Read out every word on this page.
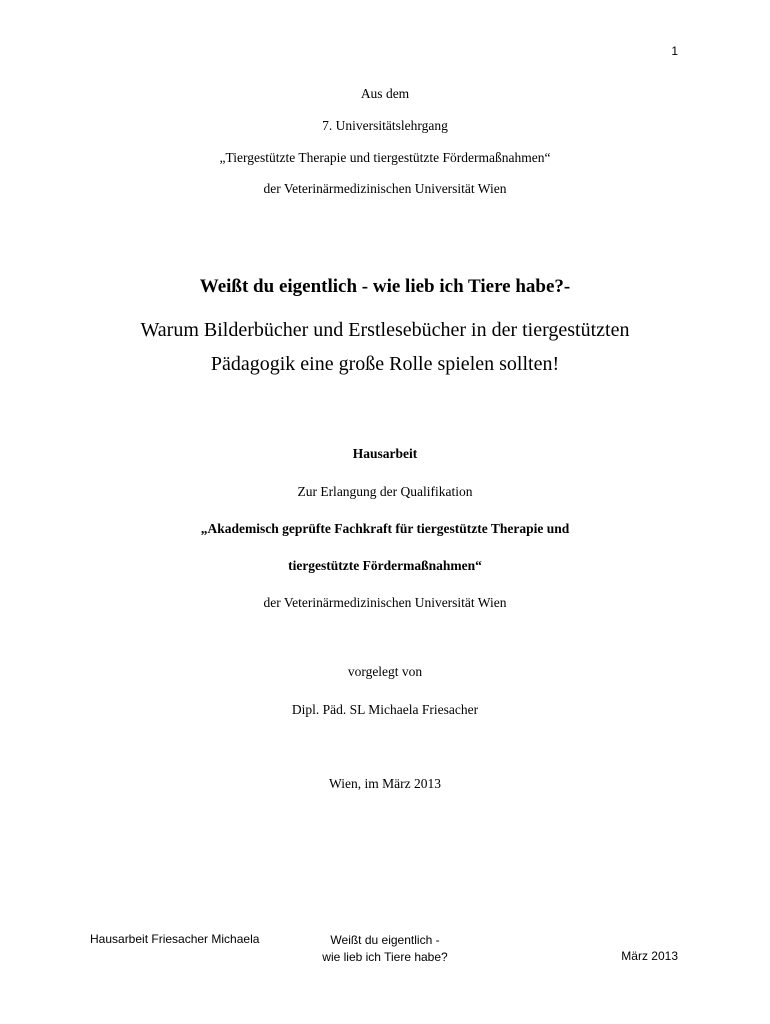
1
Aus dem
7. Universitätslehrgang
„Tiergestützte Therapie und tiergestützte Fördermaßnahmen“
der Veterinärmedizinischen Universität Wien
Weißt du eigentlich - wie lieb ich Tiere habe?-
Warum Bilderbücher und Erstlesebücher in der tiergestützten
Pädagogik eine große Rolle spielen sollten!
Hausarbeit
Zur Erlangung der Qualifikation
„Akademisch geprüfte Fachkraft für tiergestützte Therapie und
tiergestützte Fördermaßnahmen“
der Veterinärmedizinischen Universität Wien
vorgelegt von
Dipl. Päd. SL Michaela Friesacher
Wien, im März 2013
Hausarbeit Friesacher Michaela	Weißt du eigentlich -
wie lieb ich Tiere habe?	März 2013
